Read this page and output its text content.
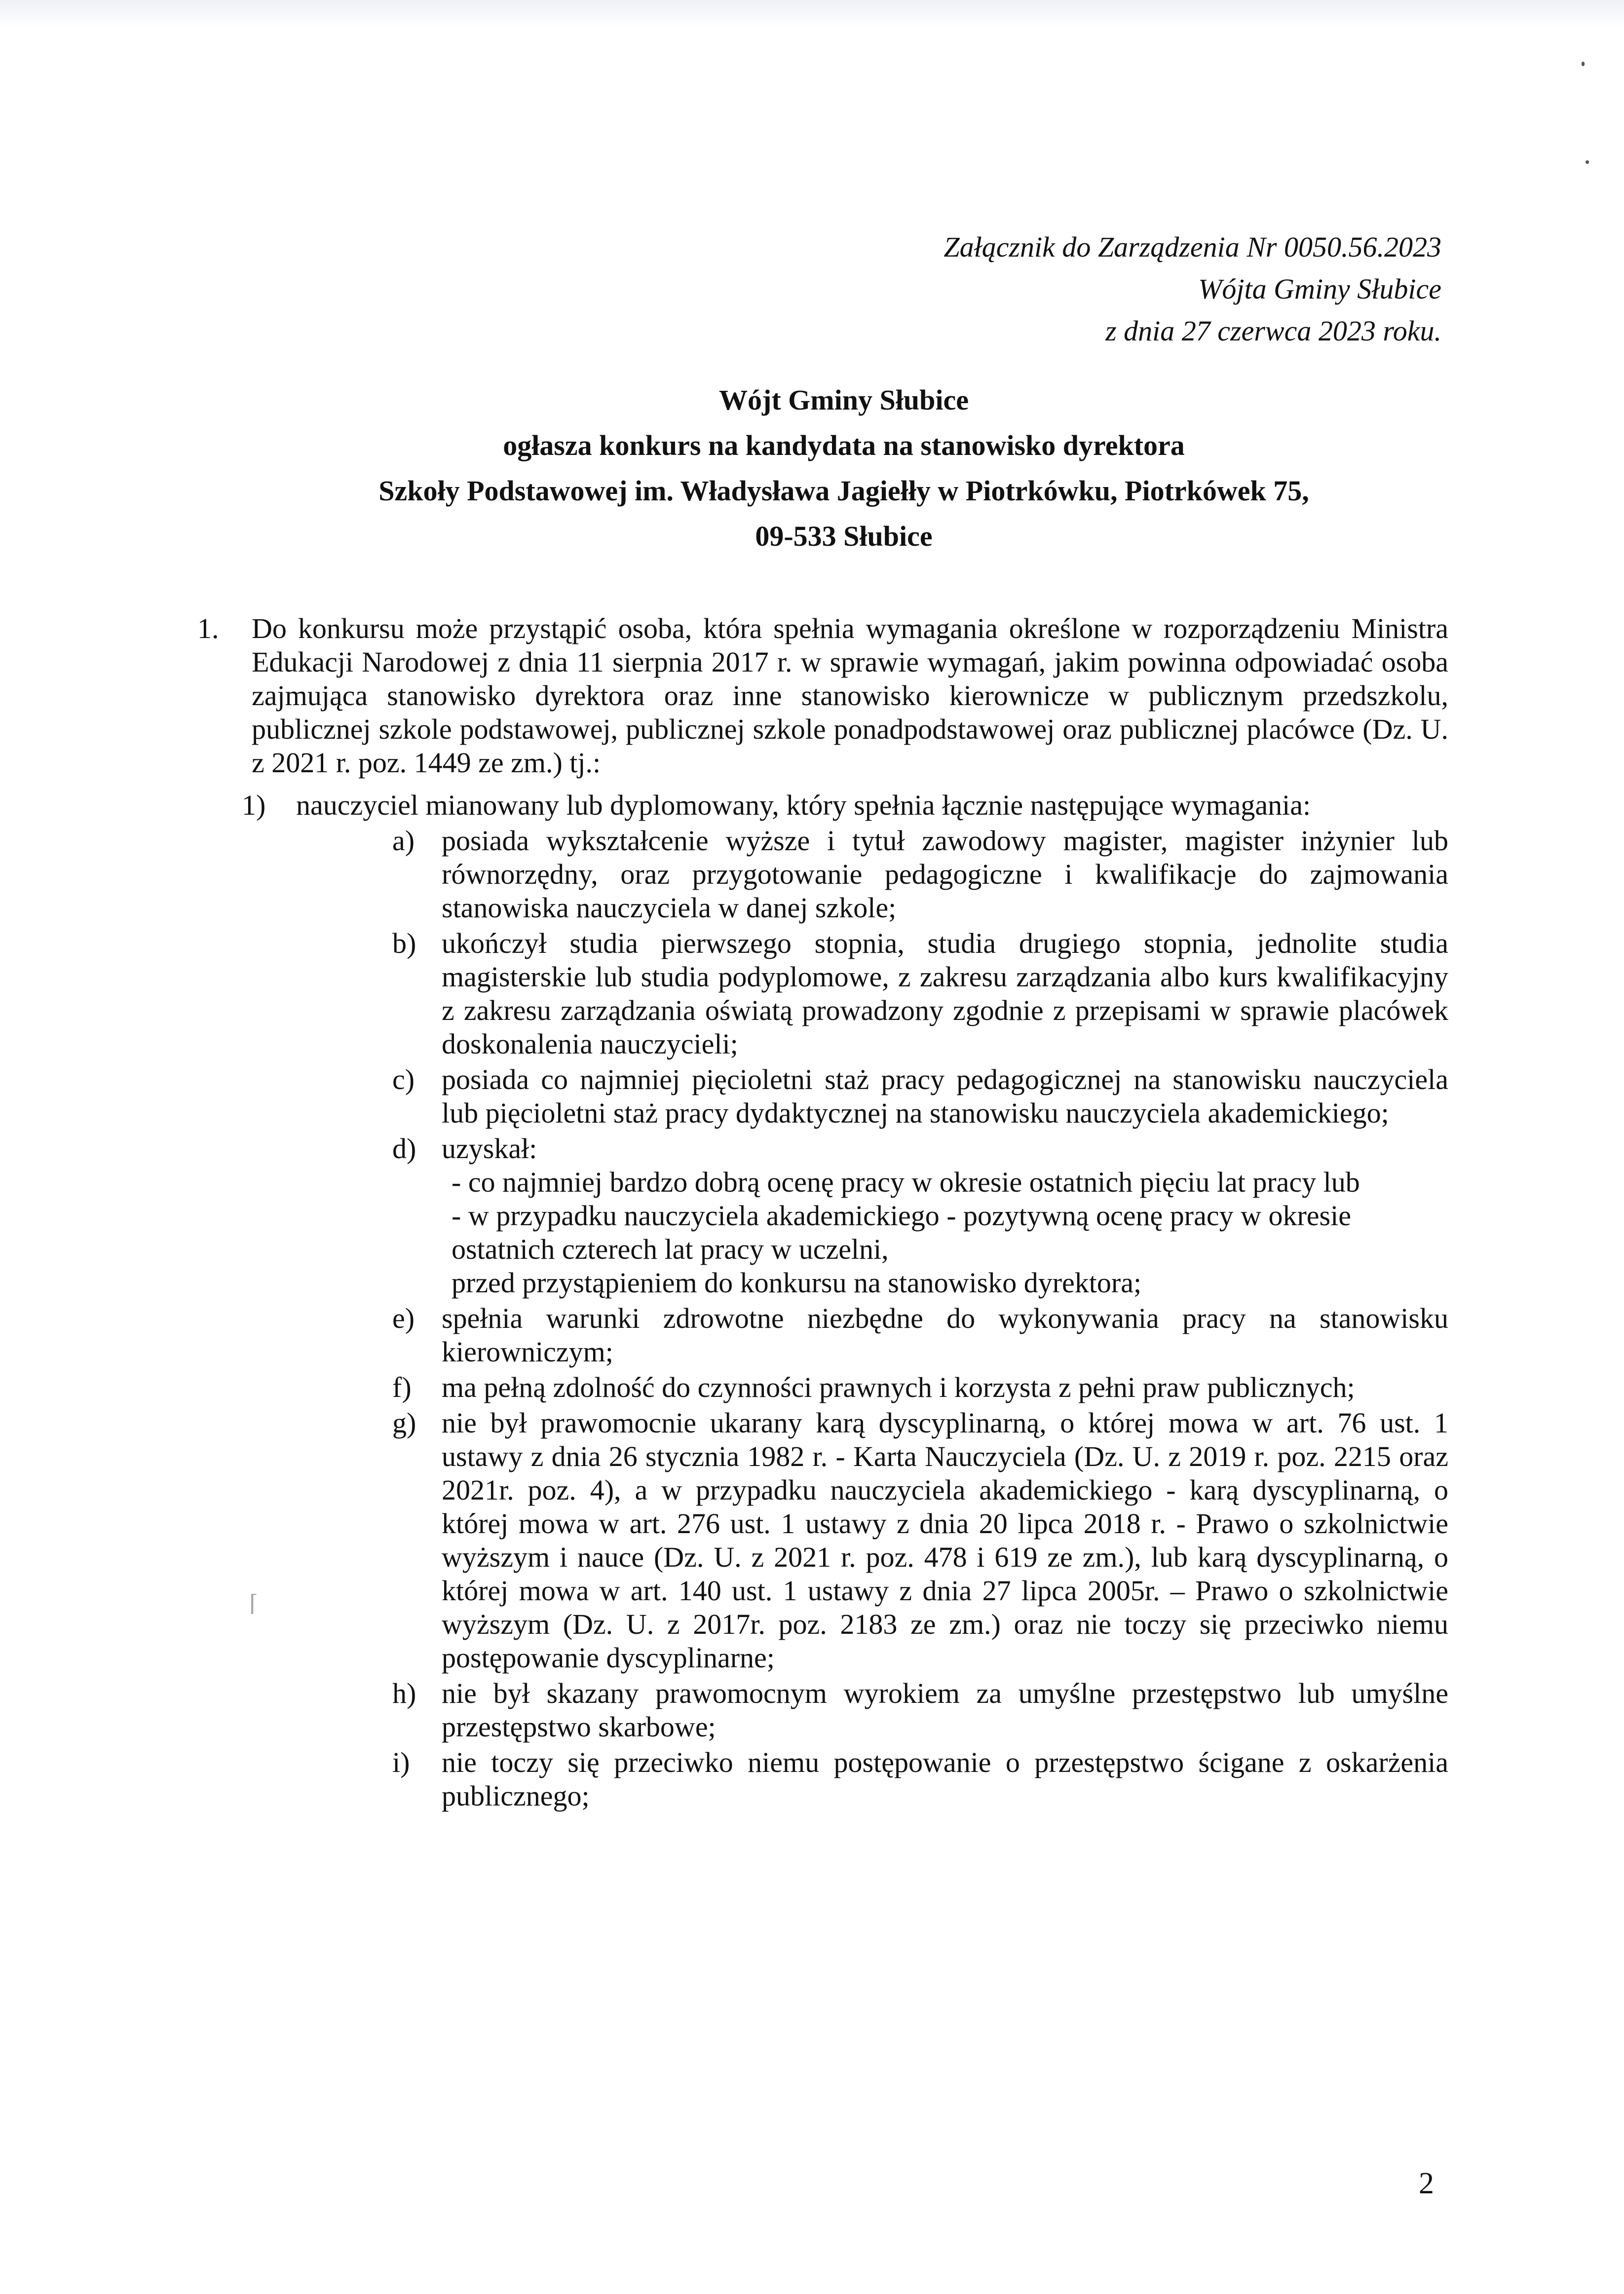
Załącznik do Zarządzenia Nr 0050.56.2023
Wójta Gminy Słubice
z dnia 27 czerwca 2023 roku.
Wójt Gminy Słubice
ogłasza konkurs na kandydata na stanowisko dyrektora
Szkoły Podstawowej im. Władysława Jagiełły w Piotrkówku, Piotrkówek 75,
09-533 Słubice
1. Do konkursu może przystąpić osoba, która spełnia wymagania określone w rozporządzeniu Ministra Edukacji Narodowej z dnia 11 sierpnia 2017 r. w sprawie wymagań, jakim powinna odpowiadać osoba zajmująca stanowisko dyrektora oraz inne stanowisko kierownicze w publicznym przedszkolu, publicznej szkole podstawowej, publicznej szkole ponadpodstawowej oraz publicznej placówce (Dz. U. z 2021 r. poz. 1449 ze zm.) tj.:
1) nauczyciel mianowany lub dyplomowany, który spełnia łącznie następujące wymagania:
a) posiada wykształcenie wyższe i tytuł zawodowy magister, magister inżynier lub równorzędny, oraz przygotowanie pedagogiczne i kwalifikacje do zajmowania stanowiska nauczyciela w danej szkole;
b) ukończył studia pierwszego stopnia, studia drugiego stopnia, jednolite studia magisterskie lub studia podyplomowe, z zakresu zarządzania albo kurs kwalifikacyjny z zakresu zarządzania oświatą prowadzony zgodnie z przepisami w sprawie placówek doskonalenia nauczycieli;
c) posiada co najmniej pięcioletni staż pracy pedagogicznej na stanowisku nauczyciela lub pięcioletni staż pracy dydaktycznej na stanowisku nauczyciela akademickiego;
d) uzyskał:
- co najmniej bardzo dobrą ocenę pracy w okresie ostatnich pięciu lat pracy lub
- w przypadku nauczyciela akademickiego - pozytywną ocenę pracy w okresie ostatnich czterech lat pracy w uczelni,
przed przystąpieniem do konkursu na stanowisko dyrektora;
e) spełnia warunki zdrowotne niezbędne do wykonywania pracy na stanowisku kierowniczym;
f) ma pełną zdolność do czynności prawnych i korzysta z pełni praw publicznych;
g) nie był prawomocnie ukarany karą dyscyplinarną, o której mowa w art. 76 ust. 1 ustawy z dnia 26 stycznia 1982 r. - Karta Nauczyciela (Dz. U. z 2019 r. poz. 2215 oraz 2021r. poz. 4), a w przypadku nauczyciela akademickiego - karą dyscyplinarną, o której mowa w art. 276 ust. 1 ustawy z dnia 20 lipca 2018 r. - Prawo o szkolnictwie wyższym i nauce (Dz. U. z 2021 r. poz. 478 i 619 ze zm.), lub karą dyscyplinarną, o której mowa w art. 140 ust. 1 ustawy z dnia 27 lipca 2005r. – Prawo o szkolnictwie wyższym (Dz. U. z 2017r. poz. 2183 ze zm.) oraz nie toczy się przeciwko niemu postępowanie dyscyplinarne;
h) nie był skazany prawomocnym wyrokiem za umyślne przestępstwo lub umyślne przestępstwo skarbowe;
i) nie toczy się przeciwko niemu postępowanie o przestępstwo ścigane z oskarżenia publicznego;
⌈
2
